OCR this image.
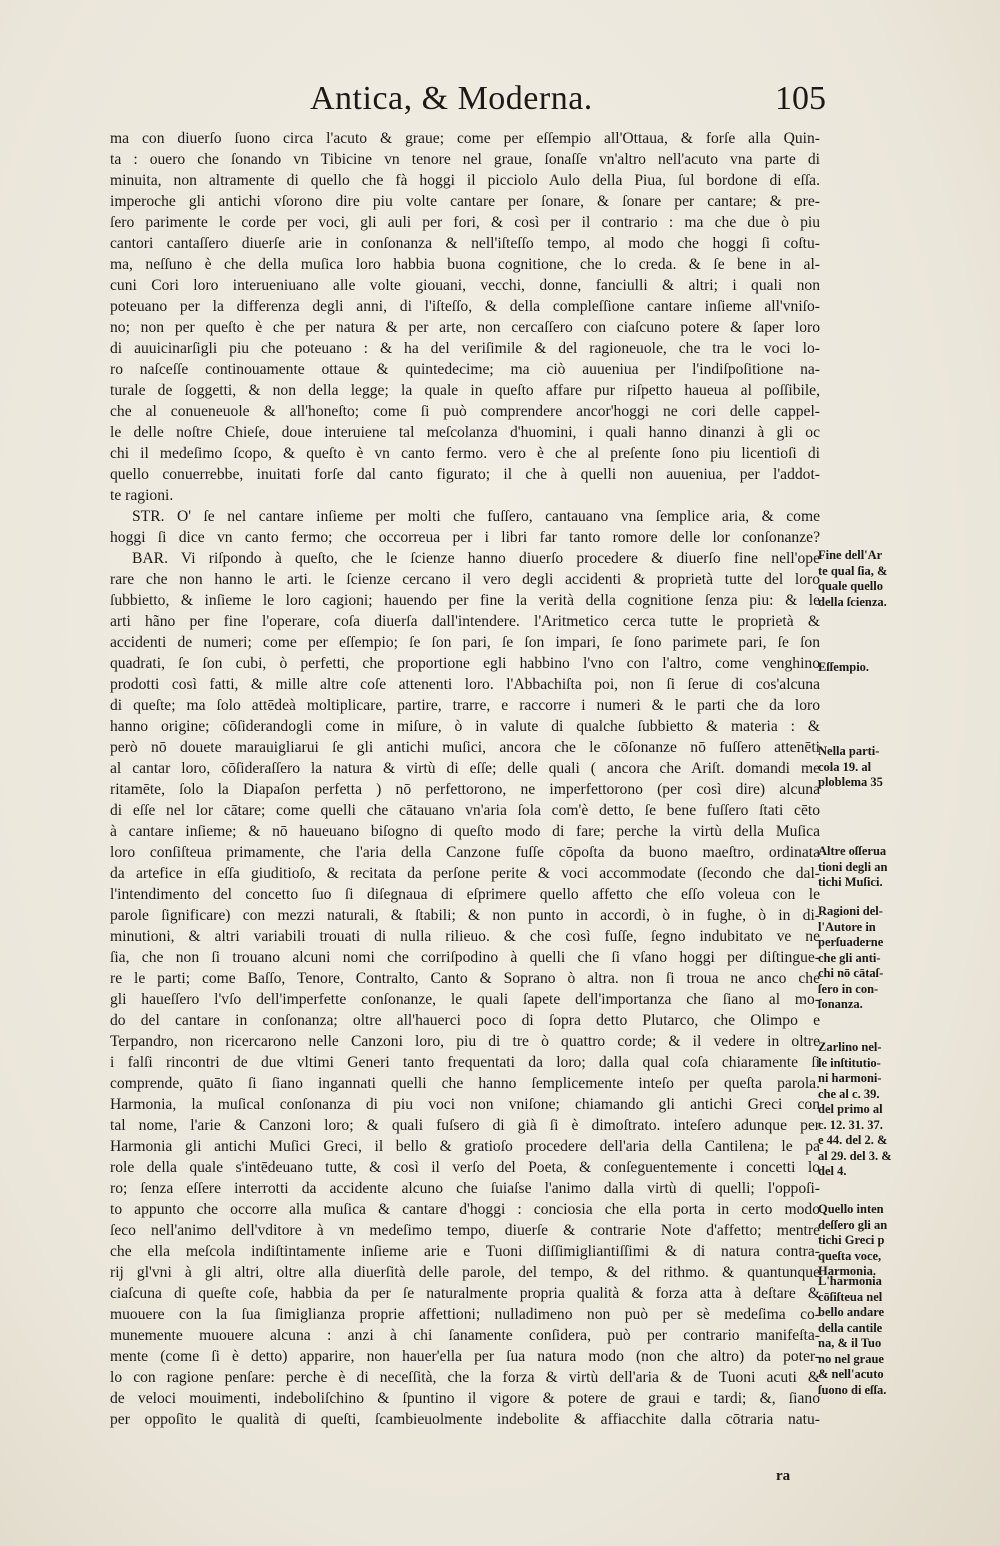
Antica, & Moderna.	105
ma con diuerſo ſuono circa l'acuto & graue; come per eſſempio all'Ottaua, & forſe alla Quin-
ta : ouero che ſonando vn Tibicine vn tenore nel graue, ſonaſſe vn'altro nell'acuto vna parte di
minuita, non altramente di quello che fà hoggi il picciolo Aulo della Piua, ſul bordone di eſſa.
imperoche gli antichi vſorono dire piu volte cantare per ſonare, & ſonare per cantare; & pre-
ſero parimente le corde per voci, gli auli per fori, & così per il contrario : ma che due ò piu
cantori cantaſſero diuerſe arie in conſonanza & nell'iſteſſo tempo, al modo che hoggi ſi coſtu-
ma, neſſuno è che della muſica loro habbia buona cognitione, che lo creda. & ſe bene in al-
cuni Cori loro interueniuano alle volte giouani, vecchi, donne, fanciulli & altri; i quali non
poteuano per la differenza degli anni, di l'iſteſſo, & della compleſſione cantare inſieme all'vniſo-
no; non per queſto è che per natura & per arte, non cercaſſero con ciaſcuno potere & ſaper loro
di auuicinarſigli piu che poteuano : & ha del veriſimile & del ragioneuole, che tra le voci lo-
ro naſceſſe continouamente ottaue & quintedecime; ma ciò auueniua per l'indiſpoſitione na-
turale de ſoggetti, & non della legge; la quale in queſto affare pur riſpetto haueua al poſſibile,
che al conueneuole & all'honeſto; come ſi può comprendere ancor'hoggi ne cori delle cappel-
le delle noſtre Chieſe, doue interuiene tal meſcolanza d'huomini, i quali hanno dinanzi à gli oc
chi il medeſimo ſcopo, & queſto è vn canto fermo. vero è che al preſente ſono piu licentioſi di
quello conuerrebbe, inuitati forſe dal canto figurato; il che à quelli non auueniua, per l'addot-
te ragioni.
STR. O' ſe nel cantare inſieme per molti che fuſſero, cantauano vna ſemplice aria, & come
hoggi ſi dice vn canto fermo; che occorreua per i libri far tanto romore delle lor conſonanze?
BAR. Vi riſpondo à queſto, che le ſcienze hanno diuerſo procedere & diuerſo fine nell'ope
rare che non hanno le arti. le ſcienze cercano il vero degli accidenti & proprietà tutte del loro
ſubbietto, & inſieme le loro cagioni; hauendo per fine la verità della cognitione ſenza piu: & le
arti hãno per fine l'operare, coſa diuerſa dall'intendere. l'Aritmetico cerca tutte le proprietà &
accidenti de numeri; come per eſſempio; ſe ſon pari, ſe ſon impari, ſe ſono parimete pari, ſe ſon
quadrati, ſe ſon cubi, ò perfetti, che proportione egli habbino l'vno con l'altro, come venghino
prodotti così fatti, & mille altre coſe attenenti loro. l'Abbachiſta poi, non ſi ſerue di cos'alcuna
di queſte; ma ſolo attēdeà moltiplicare, partire, trarre, e raccorre i numeri & le parti che da loro
hanno origine; cōſiderandogli come in miſure, ò in valute di qualche ſubbietto & materia : &
però nō douete marauigliarui ſe gli antichi muſici, ancora che le cōſonanze nō fuſſero attenēti
al cantar loro, cōſideraſſero la natura & virtù di eſſe; delle quali ( ancora che Ariſt. domandi me
ritamēte, ſolo la Diapaſon perfetta ) nō perfettorono, ne imperfettorono (per così dire) alcuna
di eſſe nel lor cātare; come quelli che cātauano vn'aria ſola com'è detto, ſe bene fuſſero ſtati cēto
à cantare inſieme; & nō haueuano biſogno di queſto modo di fare; perche la virtù della Muſica
loro conſiſteua primamente, che l'aria della Canzone fuſſe cōpoſta da buono maeſtro, ordinata
da artefice in eſſa giuditioſo, & recitata da perſone perite & voci accommodate (ſecondo che dal-
l'intendimento del concetto ſuo ſi diſegnaua di eſprimere quello affetto che eſſo voleua con le
parole ſignificare) con mezzi naturali, & ſtabili; & non punto in accordi, ò in fughe, ò in di-
minutioni, & altri variabili trouati di nulla rilieuo. & che così fuſſe, ſegno indubitato ve ne
ſia, che non ſi trouano alcuni nomi che corriſpodino à quelli che ſi vſano hoggi per diſtingue-
re le parti; come Baſſo, Tenore, Contralto, Canto & Soprano ò altra. non ſi troua ne anco che
gli haueſſero l'vſo dell'imperfette conſonanze, le quali ſapete dell'importanza che ſiano al mo-
do del cantare in conſonanza; oltre all'hauerci poco di ſopra detto Plutarco, che Olimpo e
Terpandro, non ricercarono nelle Canzoni loro, piu di tre ò quattro corde; & il vedere in oltre
i falſi rincontri de due vltimi Generi tanto frequentati da loro; dalla qual coſa chiaramente ſi
comprende, quāto ſi ſiano ingannati quelli che hanno ſemplicemente inteſo per queſta parola.
Harmonia, la muſical conſonanza di piu voci non vniſone; chiamando gli antichi Greci con
tal nome, l'arie & Canzoni loro; & quali fuſsero di già ſi è dimoſtrato. inteſero adunque per
Harmonia gli antichi Muſici Greci, il bello & gratioſo procedere dell'aria della Cantilena; le pa
role della quale s'intēdeuano tutte, & così il verſo del Poeta, & conſeguentemente i concetti lo
ro; ſenza eſſere interrotti da accidente alcuno che ſuiaſse l'animo dalla virtù di quelli; l'oppoſi-
to appunto che occorre alla muſica & cantare d'hoggi : conciosia che ella porta in certo modo
ſeco nell'animo dell'vditore à vn medeſimo tempo, diuerſe & contrarie Note d'affetto; mentre
che ella meſcola indiſtintamente inſieme arie e Tuoni diſſimigliantiſſimi & di natura contra-
rij gl'vni à gli altri, oltre alla diuerſità delle parole, del tempo, & del rithmo. & quantunque
ciaſcuna di queſte coſe, habbia da per ſe naturalmente propria qualità & forza atta à deſtare &
muouere con la ſua ſimiglianza proprie affettioni; nulladimeno non può per sè medeſima co-
munemente muouere alcuna : anzi à chi ſanamente conſidera, può per contrario manifeſta-
mente (come ſi è detto) apparire, non hauer'ella per ſua natura modo (non che altro) da poter-
lo con ragione penſare: perche è di neceſſità, che la forza & virtù dell'aria & de Tuoni acuti &
de veloci mouimenti, indeboliſchino & ſpuntino il vigore & potere de graui e tardi; &, ſiano
per oppoſito le qualità di queſti, ſcambieuolmente indebolite & affiacchite dalla cōtraria natu-
Fine dell'Ar
te qual ſia, &
quale quello
della ſcienza.
Eſſempio.
Nella parti-
cola 19. al
ploblema 35
Altre oſſerua
tioni degli an
tichi Muſici.
Ragioni del-
l'Autore in
perſuaderne
che gli anti-
chi nō cātaſ-
ſero in con-
ſonanza.
Zarlino nel-
le inſtitutio-
ni harmoni-
che al c. 39.
del primo al
c. 12. 31. 37.
e 44. del 2. &
al 29. del 3. &
del 4.
Quello inten
deſſero gli an
tichi Greci p
queſta voce,
Harmonia.
L'harmonia
cōſiſteua nel
bello andare
della cantile
na, & il Tuo
no nel graue
& nell'acuto
ſuono di eſſa.
ra
